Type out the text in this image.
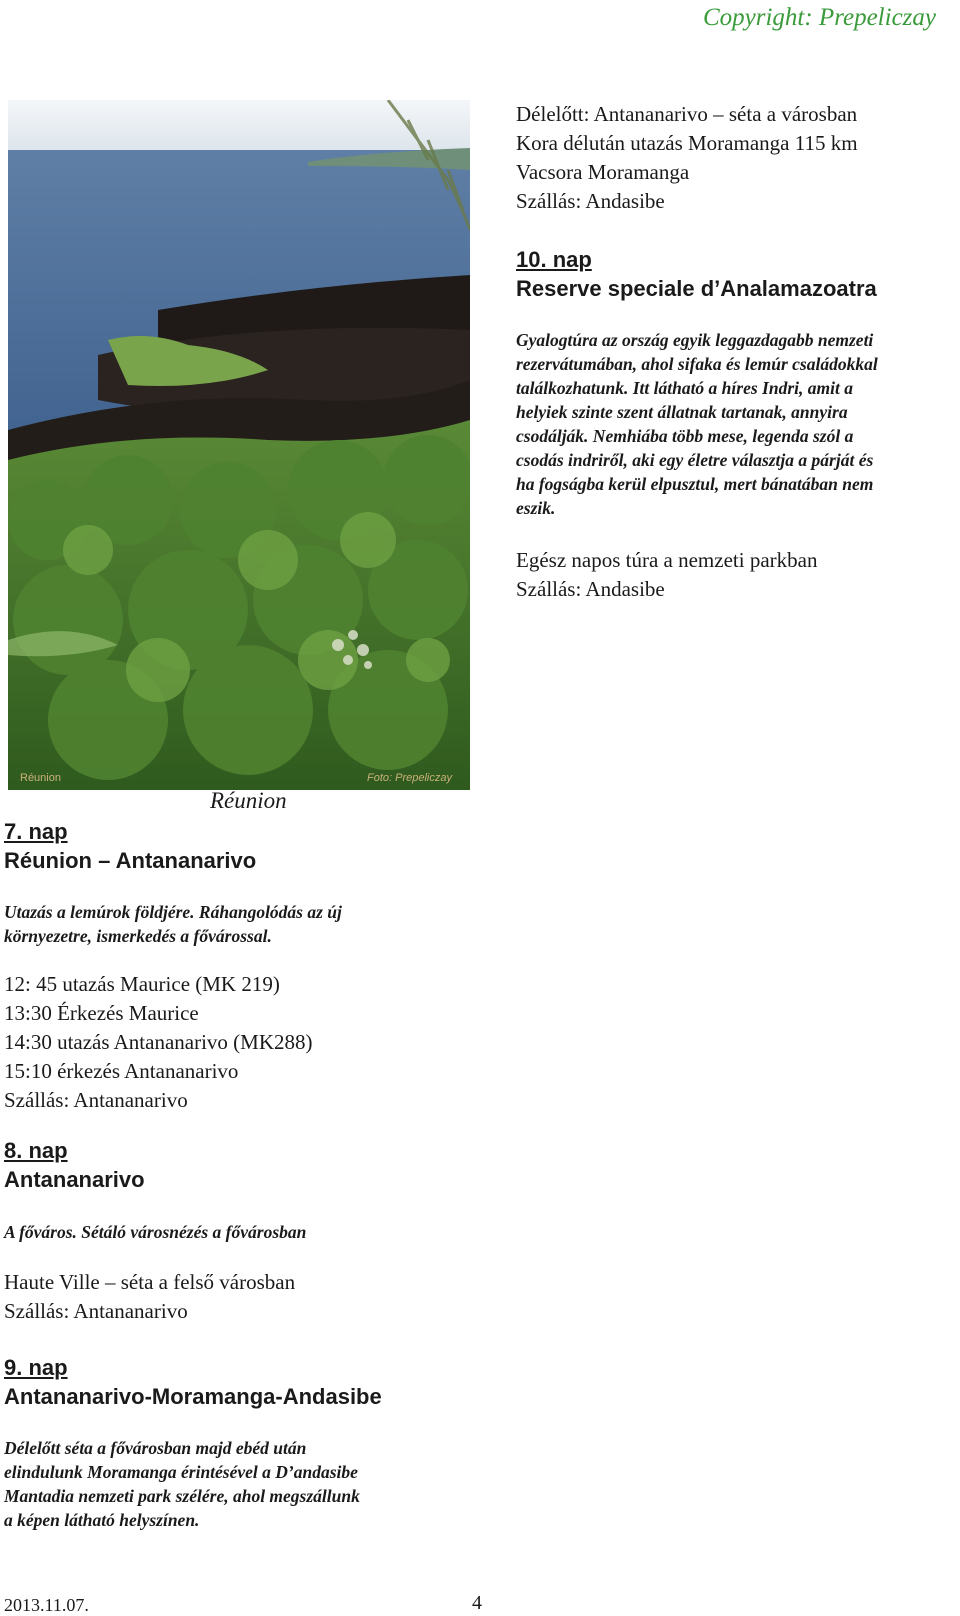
Copyright: Prepeliczay
Réunion	Foto: Prepeliczay
Réunion

Délelőtt: Antananarivo – séta a városban

Kora délután utazás Moramanga 115 km

Vacsora Moramanga

Szállás: Andasibe

10. nap

Reserve speciale d’Analamazoatra

Gyalogtúra az ország egyik leggazdagabb nemzeti

rezervátumában, ahol sifaka és lemúr családokkal

találkozhatunk. Itt látható a híres Indri, amit a

helyiek szinte szent állatnak tartanak, annyira

csodálják. Nemhiába több mese, legenda szól a

csodás indriről, aki egy életre választja a párját és

ha fogságba kerül elpusztul, mert bánatában nem

eszik.

Egész napos túra a nemzeti parkban

Szállás: Andasibe

7. nap

Réunion – Antananarivo

Utazás a lemúrok földjére. Ráhangolódás az új

környezetre, ismerkedés a fővárossal.

12: 45 utazás Maurice (MK 219)

13:30 Érkezés Maurice

14:30 utazás Antananarivo (MK288)

15:10 érkezés Antananarivo

Szállás: Antananarivo

8. nap

Antananarivo

A főváros. Sétáló városnézés a fővárosban

Haute Ville – séta a felső városban

Szállás: Antananarivo

9. nap

Antananarivo-Moramanga-Andasibe

Délelőtt séta a fővárosban majd ebéd után

elindulunk Moramanga érintésével a D’andasibe

Mantadia nemzeti park szélére, ahol megszállunk

a képen látható helyszínen.

2013.11.07.	4
